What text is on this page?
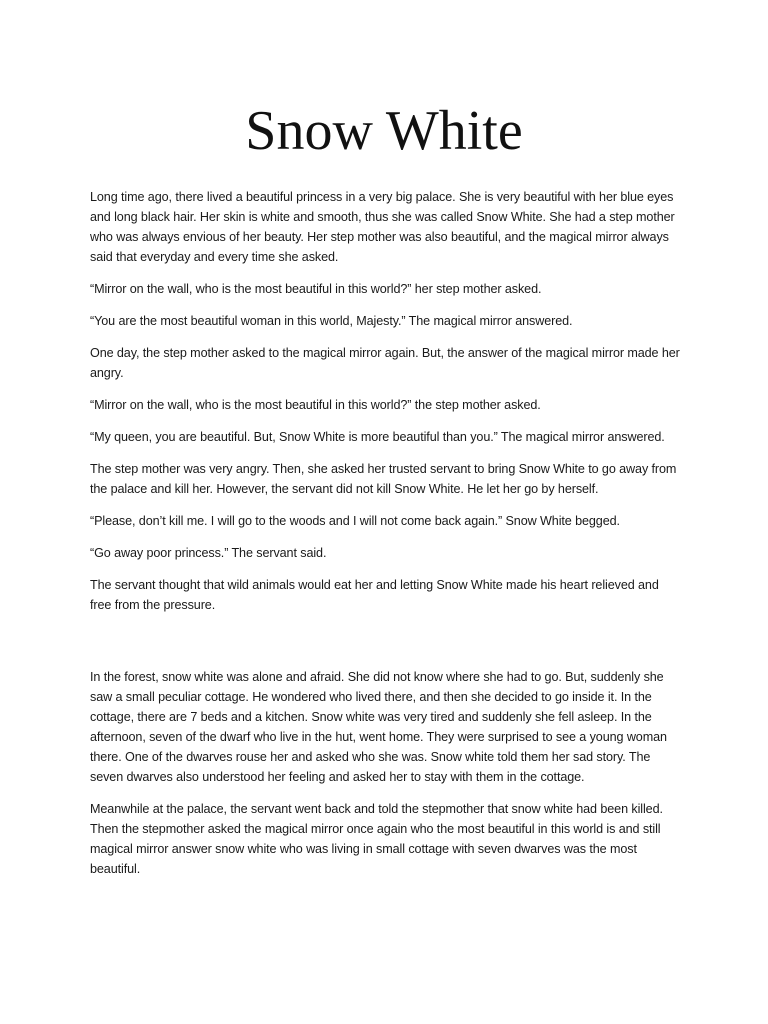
Snow White

Long time ago, there lived a beautiful princess in a very big palace. She is very beautiful with her blue eyes and long black hair. Her skin is white and smooth, thus she was called Snow White. She had a step mother who was always envious of her beauty. Her step mother was also beautiful, and the magical mirror always said that everyday and every time she asked.

“Mirror on the wall, who is the most beautiful in this world?” her step mother asked.

“You are the most beautiful woman in this world, Majesty.” The magical mirror answered.

One day, the step mother asked to the magical mirror again. But, the answer of the magical mirror made her angry.

“Mirror on the wall, who is the most beautiful in this world?” the step mother asked.

“My queen, you are beautiful. But, Snow White is more beautiful than you.” The magical mirror answered.

The step mother was very angry. Then, she asked her trusted servant to bring Snow White to go away from the palace and kill her. However, the servant did not kill Snow White. He let her go by herself.

“Please, don’t kill me. I will go to the woods and I will not come back again.” Snow White begged.

“Go away poor princess.” The servant said.

The servant thought that wild animals would eat her and letting Snow White made his heart relieved and free from the pressure.

In the forest, snow white was alone and afraid. She did not know where she had to go. But, suddenly she saw a small peculiar cottage. He wondered who lived there, and then she decided to go inside it. In the cottage, there are 7 beds and a kitchen. Snow white was very tired and suddenly she fell asleep. In the afternoon, seven of the dwarf who live in the hut, went home. They were surprised to see a young woman there. One of the dwarves rouse her and asked who she was. Snow white told them her sad story. The seven dwarves also understood her feeling and asked her to stay with them in the cottage.

Meanwhile at the palace, the servant went back and told the stepmother that snow white had been killed. Then the stepmother asked the magical mirror once again who the most beautiful in this world is and still magical mirror answer snow white who was living in small cottage with seven dwarves was the most beautiful.
